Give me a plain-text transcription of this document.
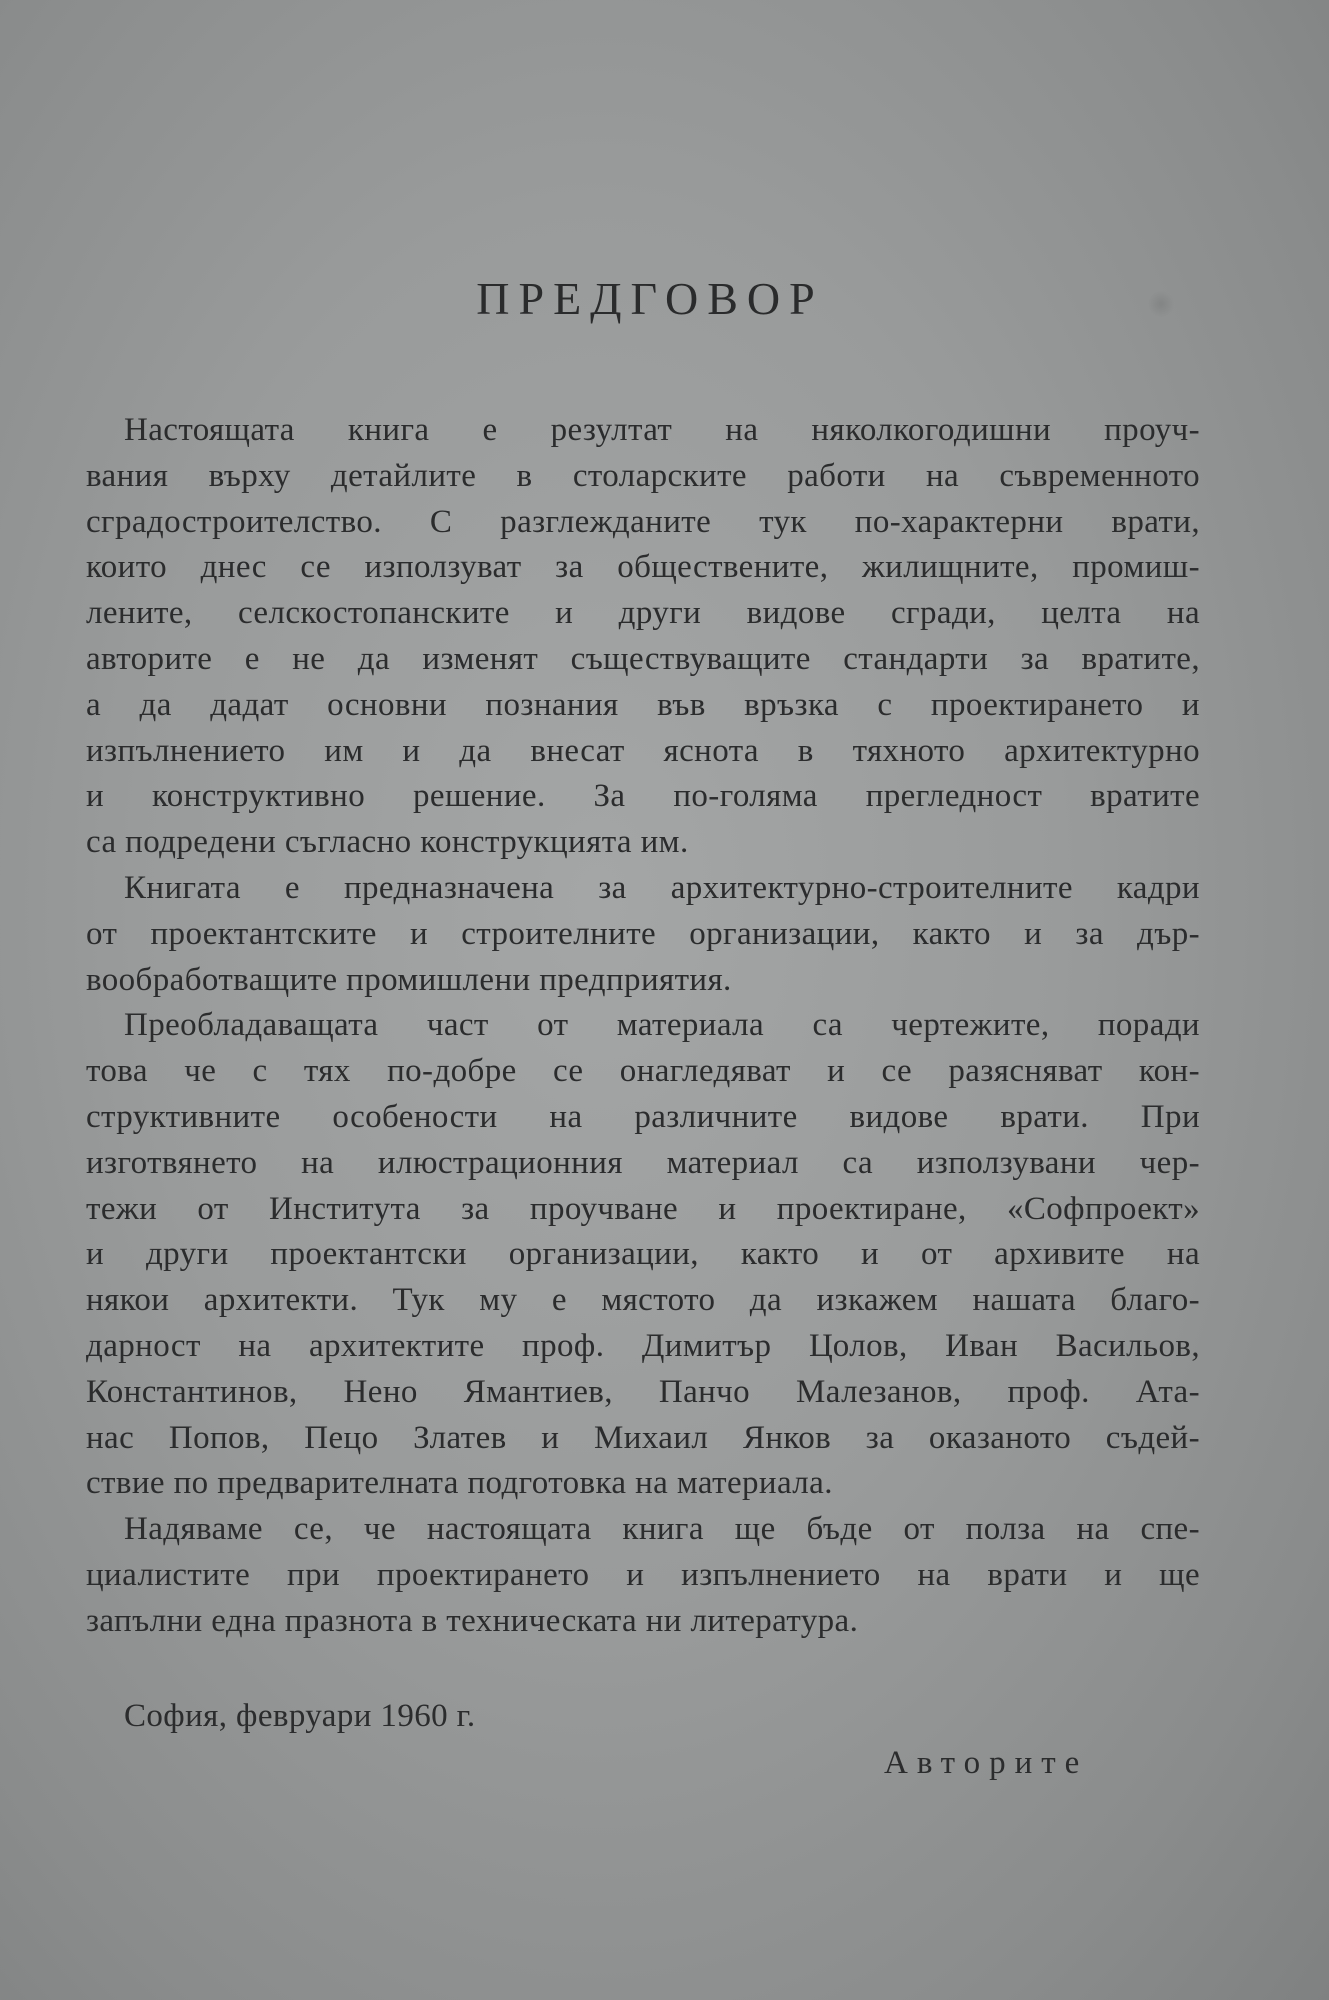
ПРЕДГОВОР
Настоящата книга е резултат на няколкогодишни проуч-
вания върху детайлите в столарските работи на съвременното
сградостроителство. С разглежданите тук по-характерни врати,
които днес се използуват за обществените, жилищните, промиш-
лените, селскостопанските и други видове сгради, целта на
авторите е не да изменят съществуващите стандарти за вратите,
а да дадат основни познания във връзка с проектирането и
изпълнението им и да внесат яснота в тяхното архитектурно
и конструктивно решение. За по-голяма прегледност вратите
са подредени съгласно конструкцията им.
Книгата е предназначена за архитектурно-строителните кадри
от проектантските и строителните организации, както и за дър-
вообработващите промишлени предприятия.
Преобладаващата част от материала са чертежите, поради
това че с тях по-добре се онагледяват и се разясняват кон-
структивните особености на различните видове врати. При
изготвянето на илюстрационния материал са използувани чер-
тежи от Института за проучване и проектиране, «Софпроект»
и други проектантски организации, както и от архивите на
някои архитекти. Тук му е мястото да изкажем нашата благо-
дарност на архитектите проф. Димитър Цолов, Иван Васильов,
Константинов, Нено Ямантиев, Панчо Малезанов, проф. Ата-
нас Попов, Пецо Златев и Михаил Янков за оказаното съдей-
ствие по предварителната подготовка на материала.
Надяваме се, че настоящата книга ще бъде от полза на спе-
циалистите при проектирането и изпълнението на врати и ще
запълни една празнота в техническата ни литература.
София, февруари 1960 г.
Авторите
